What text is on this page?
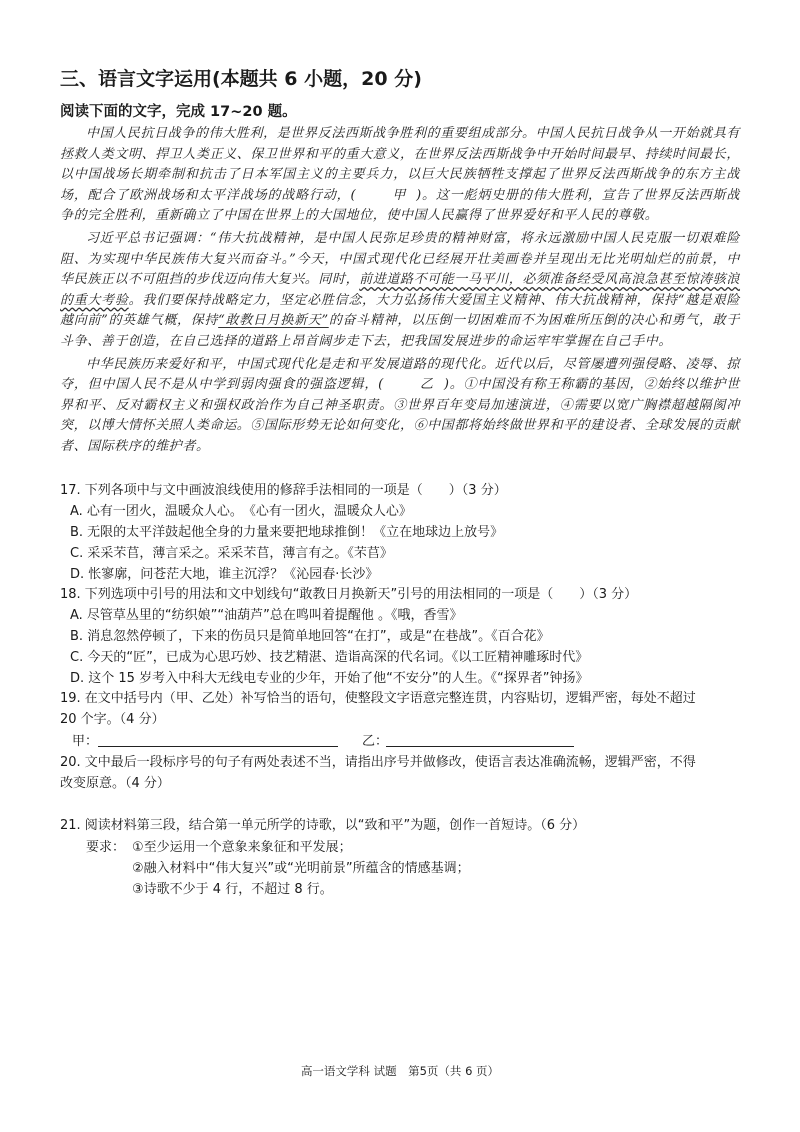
三、语言文字运用(本题共 6 小题，20 分)
阅读下面的文字，完成 17~20 题。

中国人民抗日战争的伟大胜利，是世界反法西斯战争胜利的重要组成部分。中国人民抗日战争从一开始就具有拯救人类文明、捍卫人类正义、保卫世界和平的重大意义，在世界反法西斯战争中开始时间最早、持续时间最长，以中国战场长期牵制和抗击了日本军国主义的主要兵力，以巨大民族牺牲支撑起了世界反法西斯战争的东方主战场，配合了欧洲战场和太平洋战场的战略行动，(	甲 )。这一彪炳史册的伟大胜利，宣告了世界反法西斯战争的完全胜利，重新确立了中国在世界上的大国地位，使中国人民赢得了世界爱好和平人民的尊敬。

习近平总书记强调：“伟大抗战精神，是中国人民弥足珍贵的精神财富，将永远激励中国人民克服一切艰难险阻、为实现中华民族伟大复兴而奋斗。”今天，中国式现代化已经展开壮美画卷并呈现出无比光明灿烂的前景，中华民族正以不可阻挡的步伐迈向伟大复兴。同时，前进道路不可能一马平川，必须准备经受风高浪急甚至惊涛骇浪的重大考验。我们要保持战略定力，坚定必胜信念，大力弘扬伟大爱国主义精神、伟大抗战精神，保持“越是艰险越向前”的英雄气概，保持“敢教日月换新天”的奋斗精神，以压倒一切困难而不为困难所压倒的决心和勇气，敢于斗争、善于创造，在自己选择的道路上昂首阔步走下去，把我国发展进步的命运牢牢掌握在自己手中。

中华民族历来爱好和平，中国式现代化是走和平发展道路的现代化。近代以后，尽管屡遭列强侵略、凌辱、掠夺，但中国人民不是从中学到弱肉强食的强盗逻辑，(	乙 )。①中国没有称王称霸的基因，②始终以维护世界和平、反对霸权主义和强权政治作为自己神圣职责。③世界百年变局加速演进，④需要以宽广胸襟超越隔阂冲突，以博大情怀关照人类命运。⑤国际形势无论如何变化，⑥中国都将始终做世界和平的建设者、全球发展的贡献者、国际秩序的维护者。

17. 下列各项中与文中画波浪线使用的修辞手法相同的一项是（　　）（3 分）
A. 心有一团火，温暖众人心。　《心有一团火，温暖众人心》
B. 无限的太平洋鼓起他全身的力量来要把地球推倒！《立在地球边上放号》
C. 采采芣苢，薄言采之。采采芣苢，薄言有之。《芣苢》
D. 怅寥廓，问苍茫大地，谁主沉浮？《沁园春·长沙》
18. 下列选项中引号的用法和文中划线句“敢教日月换新天”引号的用法相同的一项是（　　）（3 分）
A. 尽管草丛里的“纺织娘”“油葫芦”总在鸣叫着提醒他 。《哦，香雪》
B. 消息忽然停顿了，下来的伤员只是简单地回答“在打”，或是“在巷战”。《百合花》
C. 今天的“匠”，已成为心思巧妙、技艺精湛、造诣高深的代名词。《以工匠精神雕琢时代》
D. 这个 15 岁考入中科大无线电专业的少年，开始了他“不安分”的人生。《“探界者”钟扬》
19. 在文中括号内（甲、乙处）补写恰当的语句，使整段文字语意完整连贯，内容贴切，逻辑严密，每处不超过
20 个字。（4 分）
甲：	乙：
20. 文中最后一段标序号的句子有两处表述不当，请指出序号并做修改，使语言表达准确流畅，逻辑严密，不得
改变原意。（4 分）
21. 阅读材料第三段，结合第一单元所学的诗歌，以“致和平”为题，创作一首短诗。（6 分）
要求： ①至少运用一个意象来象征和平发展；
②融入材料中“伟大复兴”或“光明前景”所蕴含的情感基调；
③诗歌不少于 4 行，不超过 8 行。
高一语文学科 试题　第5页（共 6 页）
